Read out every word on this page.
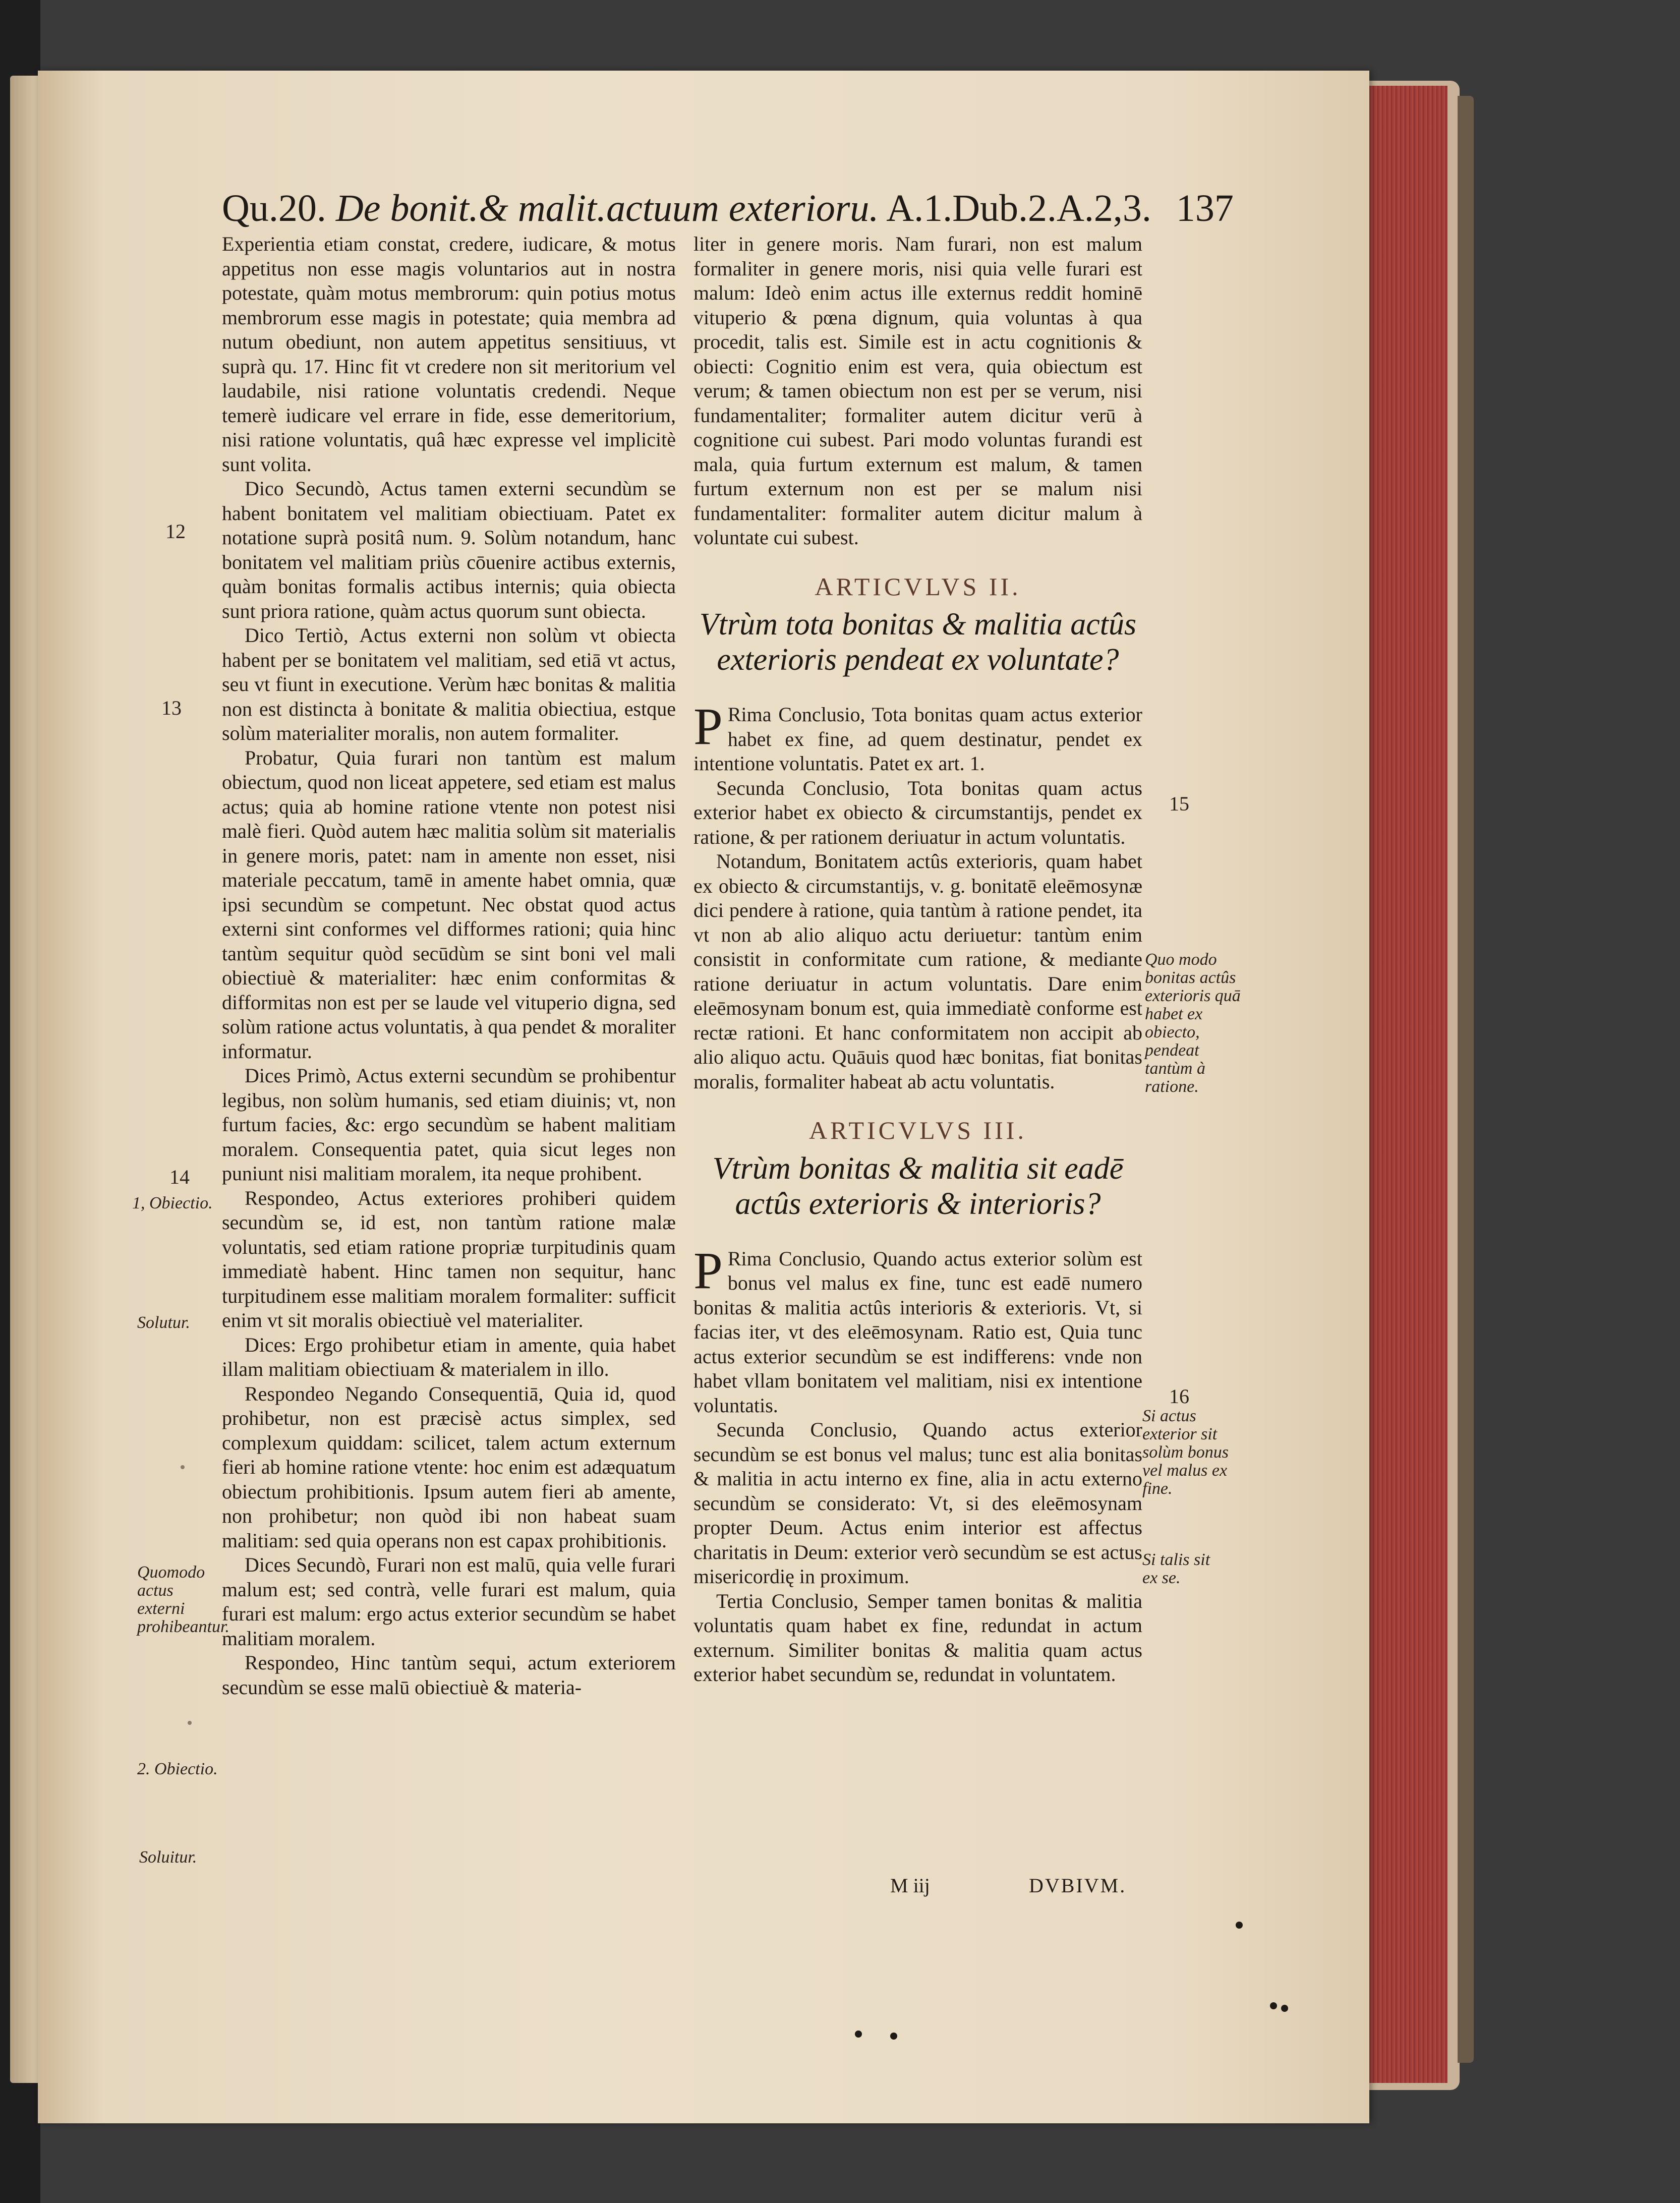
Qu.20. De bonit.& malit.actuum exterioru. A.1.Dub.2.A.2,3. 137

Experientia etiam constat, credere, iudicare, & motus appetitus non esse magis voluntarios aut in nostra potestate, quàm motus membrorum: quin potius motus membrorum esse magis in potestate; quia membra ad nutum obediunt, non autem appetitus sensitiuus, vt suprà qu. 17. Hinc fit vt credere non sit meritorium vel laudabile, nisi ratione voluntatis credendi. Neque temerè iudicare vel errare in fide, esse demeritorium, nisi ratione voluntatis, quâ hæc expresse vel implicitè sunt volita.

Dico Secundò, Actus tamen externi secundùm se habent bonitatem vel malitiam obiectiuam. Patet ex notatione suprà positâ num. 9. Solùm notandum, hanc bonitatem vel malitiam priùs cōuenire actibus externis, quàm bonitas formalis actibus internis; quia obiecta sunt priora ratione, quàm actus quorum sunt obiecta.

Dico Tertiò, Actus externi non solùm vt obiecta habent per se bonitatem vel malitiam, sed etiā vt actus, seu vt fiunt in executione. Verùm hæc bonitas & malitia non est distincta à bonitate & malitia obiectiua, estque solùm materialiter moralis, non autem formaliter.

Probatur, Quia furari non tantùm est malum obiectum, quod non liceat appetere, sed etiam est malus actus; quia ab homine ratione vtente non potest nisi malè fieri. Quòd autem hæc malitia solùm sit materialis in genere moris, patet: nam in amente non esset, nisi materiale peccatum, tamē in amente habet omnia, quæ ipsi secundùm se competunt. Nec obstat quod actus externi sint conformes vel difformes rationi; quia hinc tantùm sequitur quòd secūdùm se sint boni vel mali obiectiuè & materialiter: hæc enim conformitas & difformitas non est per se laude vel vituperio digna, sed solùm ratione actus voluntatis, à qua pendet & moraliter informatur.

Dices Primò, Actus externi secundùm se prohibentur legibus, non solùm humanis, sed etiam diuinis; vt, non furtum facies, &c: ergo secundùm se habent malitiam moralem. Consequentia patet, quia sicut leges non puniunt nisi malitiam moralem, ita neque prohibent.

Respondeo, Actus exteriores prohiberi quidem secundùm se, id est, non tantùm ratione malæ voluntatis, sed etiam ratione propriæ turpitudinis quam immediatè habent. Hinc tamen non sequitur, hanc turpitudinem esse malitiam moralem formaliter: sufficit enim vt sit moralis obiectiuè vel materialiter.

Dices: Ergo prohibetur etiam in amente, quia habet illam malitiam obiectiuam & materialem in illo.

Respondeo Negando Consequentiā, Quia id, quod prohibetur, non est præcisè actus simplex, sed complexum quiddam: scilicet, talem actum externum fieri ab homine ratione vtente: hoc enim est adæquatum obiectum prohibitionis. Ipsum autem fieri ab amente, non prohibetur; non quòd ibi non habeat suam malitiam: sed quia operans non est capax prohibitionis.

Dices Secundò, Furari non est malū, quia velle furari malum est; sed contrà, velle furari est malum, quia furari est malum: ergo actus exterior secundùm se habet malitiam moralem.

Respondeo, Hinc tantùm sequi, actum exteriorem secundùm se esse malū obiectiuè & materia-

liter in genere moris. Nam furari, non est malum formaliter in genere moris, nisi quia velle furari est malum: Ideò enim actus ille externus reddit hominē vituperio & pœna dignum, quia voluntas à qua procedit, talis est. Simile est in actu cognitionis & obiecti: Cognitio enim est vera, quia obiectum est verum; & tamen obiectum non est per se verum, nisi fundamentaliter; formaliter autem dicitur verū à cognitione cui subest. Pari modo voluntas furandi est mala, quia furtum externum est malum, & tamen furtum externum non est per se malum nisi fundamentaliter: formaliter autem dicitur malum à voluntate cui subest.

ARTICVLVS II.

Vtrùm tota bonitas & malitia actûs exterioris pendeat ex voluntate?

P Rima Conclusio, Tota bonitas quam actus exterior habet ex fine, ad quem destinatur, pendet ex intentione voluntatis. Patet ex art. 1.

Secunda Conclusio, Tota bonitas quam actus exterior habet ex obiecto & circumstantijs, pendet ex ratione, & per rationem deriuatur in actum voluntatis.

Notandum, Bonitatem actûs exterioris, quam habet ex obiecto & circumstantijs, v. g. bonitatē eleēmosynæ dici pendere à ratione, quia tantùm à ratione pendet, ita vt non ab alio aliquo actu deriuetur: tantùm enim consistit in conformitate cum ratione, & mediante ratione deriuatur in actum voluntatis. Dare enim eleēmosynam bonum est, quia immediatè conforme est rectæ rationi. Et hanc conformitatem non accipit ab alio aliquo actu. Quāuis quod hæc bonitas, fiat bonitas moralis, formaliter habeat ab actu voluntatis.

ARTICVLVS III.

Vtrùm bonitas & malitia sit eadē actûs exterioris & interioris?

P Rima Conclusio, Quando actus exterior solùm est bonus vel malus ex fine, tunc est eadē numero bonitas & malitia actûs interioris & exterioris. Vt, si facias iter, vt des eleēmosynam. Ratio est, Quia tunc actus exterior secundùm se est indifferens: vnde non habet vllam bonitatem vel malitiam, nisi ex intentione voluntatis.

Secunda Conclusio, Quando actus exterior secundùm se est bonus vel malus; tunc est alia bonitas & malitia in actu interno ex fine, alia in actu externo secundùm se considerato: Vt, si des eleēmosynam propter Deum. Actus enim interior est affectus charitatis in Deum: exterior verò secundùm se est actus misericordię in proximum.

Tertia Conclusio, Semper tamen bonitas & malitia voluntatis quam habet ex fine, redundat in actum externum. Similiter bonitas & malitia quam actus exterior habet secundùm se, redundat in voluntatem.

12
13
14
1, Obiectio.
Solutur.
Quomodo actus externi prohibeantur.
2. Obiectio.
Soluitur.
15
Quo modo bonitas actûs exterioris quā habet ex obiecto, pendeat tantùm à ratione.
16
Si actus exterior sit solùm bonus vel malus ex fine.
Si talis sit ex se.
M iij	DVBIVM.
